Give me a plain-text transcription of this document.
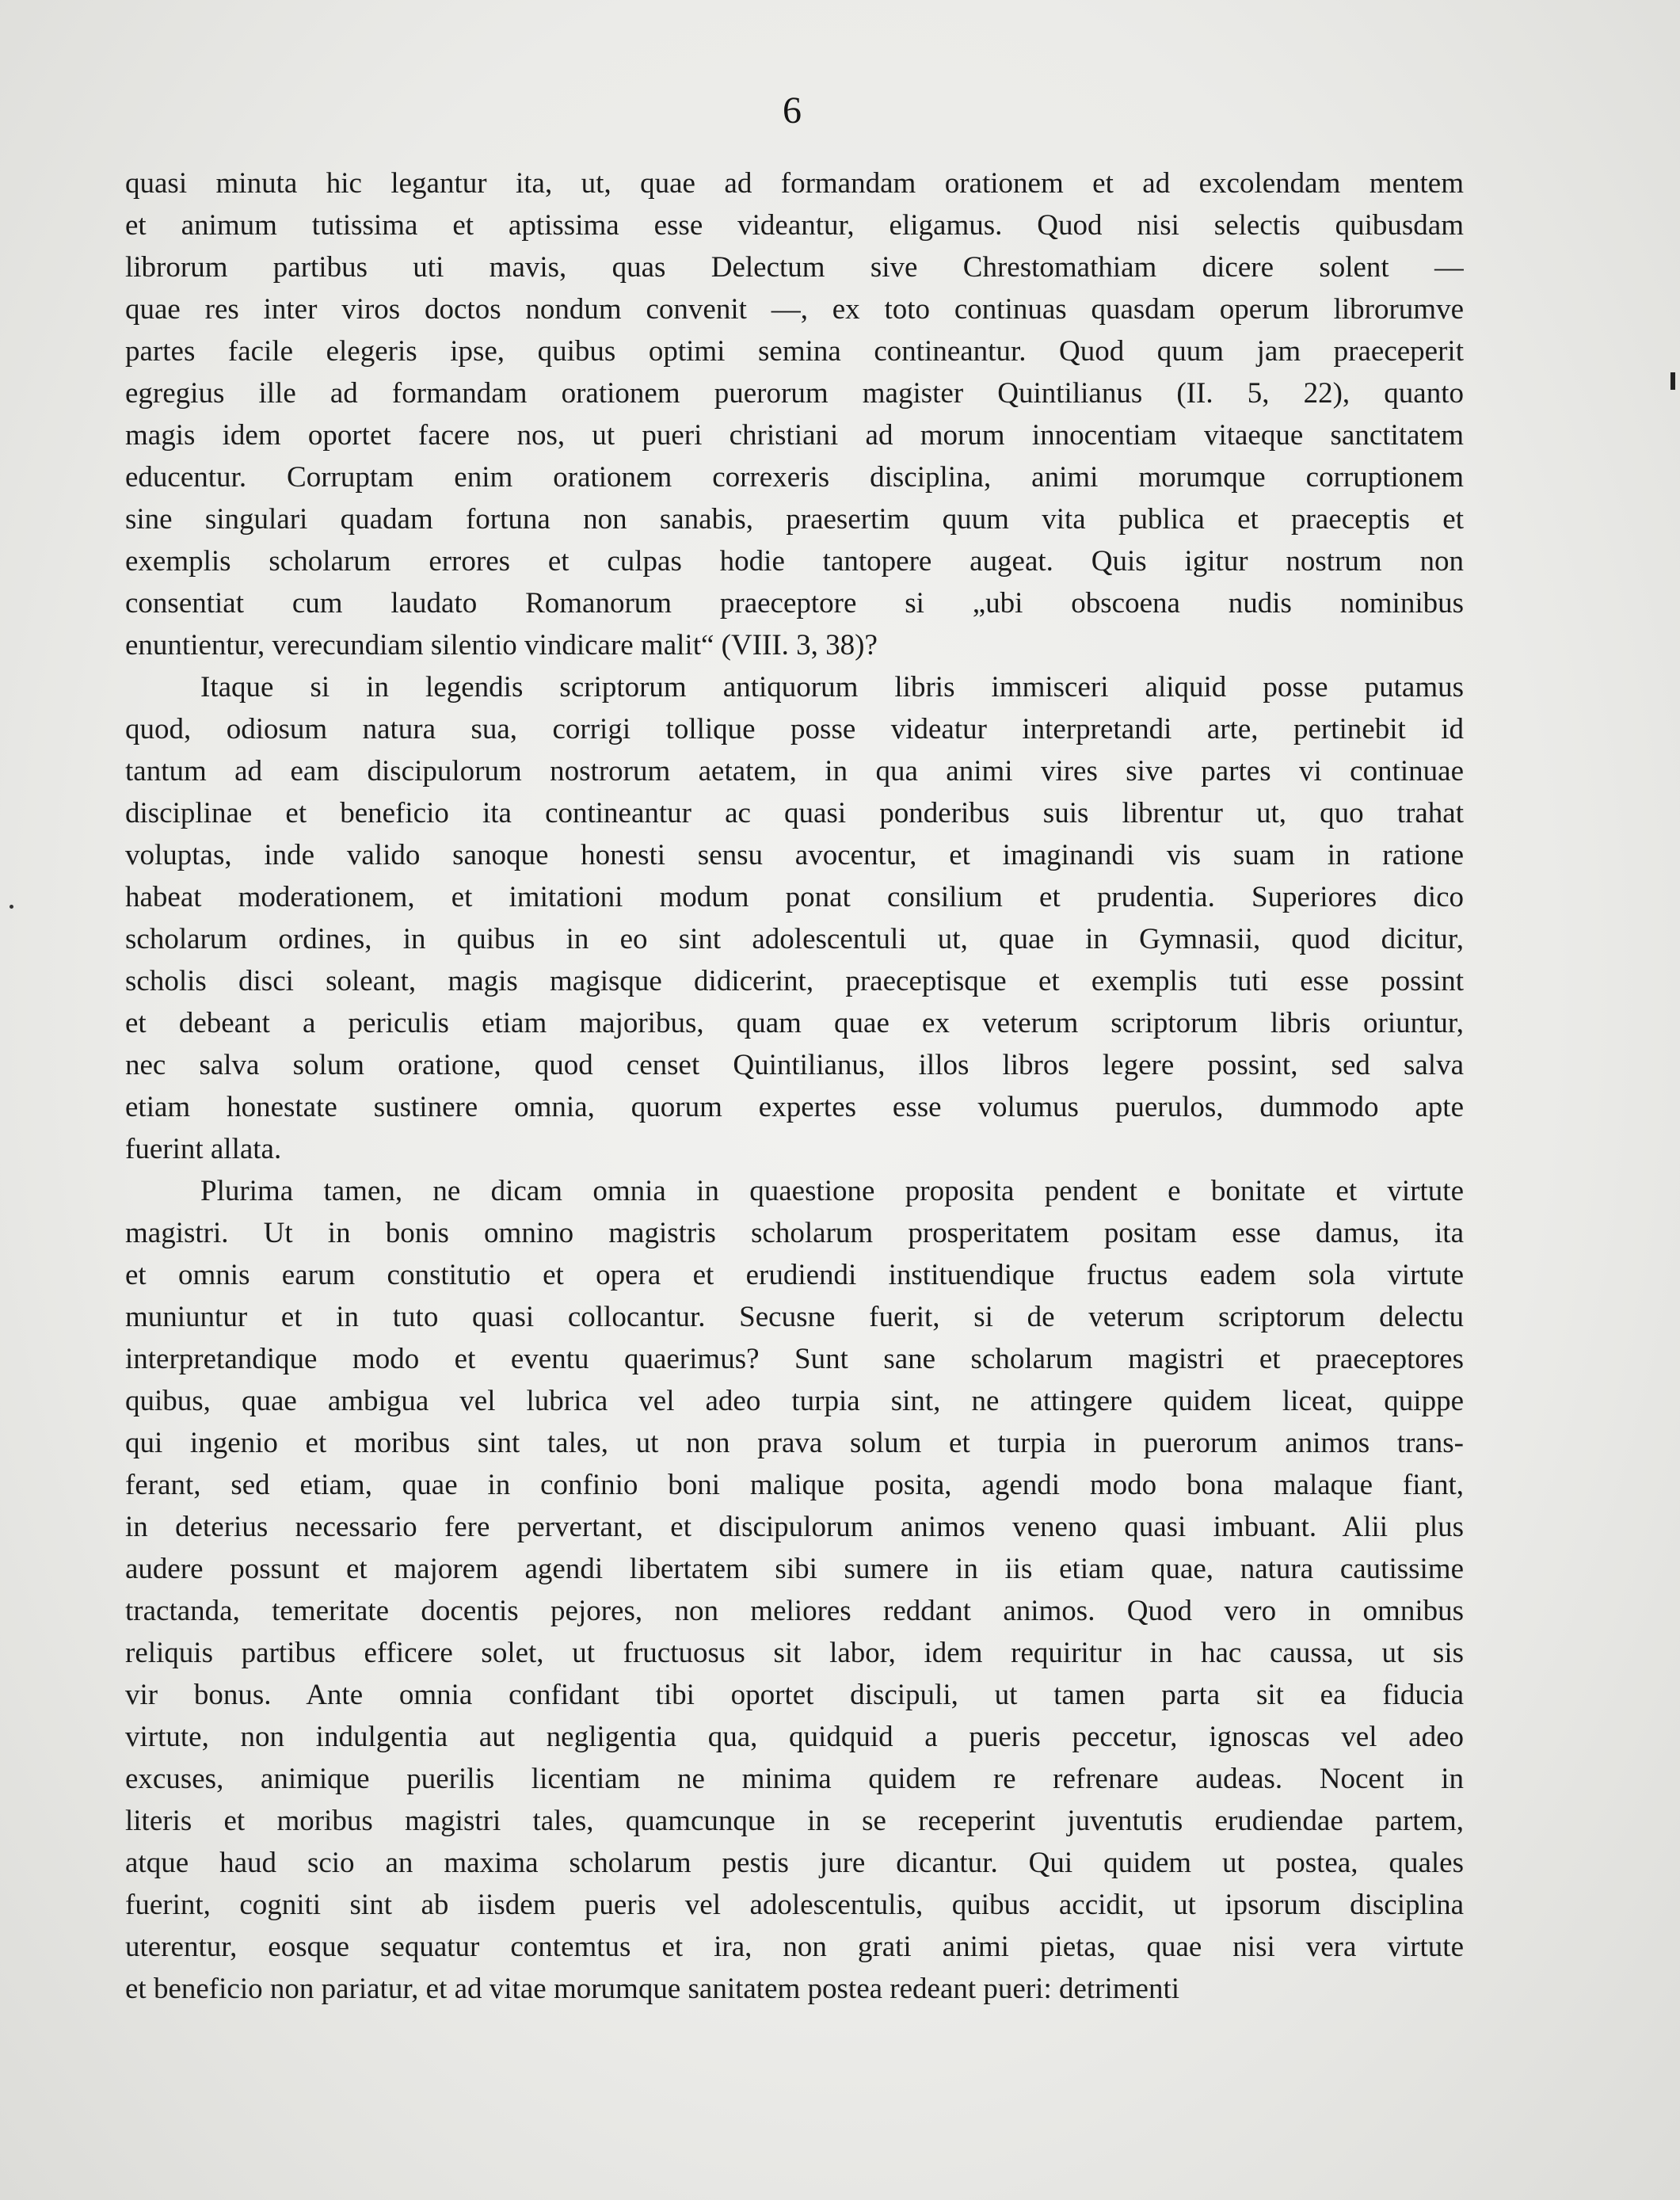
6
quasi minuta hic legantur ita, ut, quae ad formandam orationem et ad excolendam mentem
et animum tutissima et aptissima esse videantur, eligamus. Quod nisi selectis quibusdam
librorum partibus uti mavis, quas Delectum sive Chrestomathiam dicere solent —
quae res inter viros doctos nondum convenit —, ex toto continuas quasdam operum librorumve
partes facile elegeris ipse, quibus optimi semina contineantur. Quod quum jam praeceperit
egregius ille ad formandam orationem puerorum magister Quintilianus (II. 5, 22), quanto
magis idem oportet facere nos, ut pueri christiani ad morum innocentiam vitaeque sanctitatem
educentur. Corruptam enim orationem correxeris disciplina, animi morumque corruptionem
sine singulari quadam fortuna non sanabis, praesertim quum vita publica et praeceptis et
exemplis scholarum errores et culpas hodie tantopere augeat. Quis igitur nostrum non
consentiat cum laudato Romanorum praeceptore si „ubi obscoena nudis nominibus
enuntientur, verecundiam silentio vindicare malit“ (VIII. 3, 38)?
Itaque si in legendis scriptorum antiquorum libris immisceri aliquid posse putamus
quod, odiosum natura sua, corrigi tollique posse videatur interpretandi arte, pertinebit id
tantum ad eam discipulorum nostrorum aetatem, in qua animi vires sive partes vi continuae
disciplinae et beneficio ita contineantur ac quasi ponderibus suis librentur ut, quo trahat
voluptas, inde valido sanoque honesti sensu avocentur, et imaginandi vis suam in ratione
habeat moderationem, et imitationi modum ponat consilium et prudentia. Superiores dico
scholarum ordines, in quibus in eo sint adolescentuli ut, quae in Gymnasii, quod dicitur,
scholis disci soleant, magis magisque didicerint, praeceptisque et exemplis tuti esse possint
et debeant a periculis etiam majoribus, quam quae ex veterum scriptorum libris oriuntur,
nec salva solum oratione, quod censet Quintilianus, illos libros legere possint, sed salva
etiam honestate sustinere omnia, quorum expertes esse volumus puerulos, dummodo apte
fuerint allata.
Plurima tamen, ne dicam omnia in quaestione proposita pendent e bonitate et virtute
magistri. Ut in bonis omnino magistris scholarum prosperitatem positam esse damus, ita
et omnis earum constitutio et opera et erudiendi instituendique fructus eadem sola virtute
muniuntur et in tuto quasi collocantur. Secusne fuerit, si de veterum scriptorum delectu
interpretandique modo et eventu quaerimus? Sunt sane scholarum magistri et praeceptores
quibus, quae ambigua vel lubrica vel adeo turpia sint, ne attingere quidem liceat, quippe
qui ingenio et moribus sint tales, ut non prava solum et turpia in puerorum animos trans-
ferant, sed etiam, quae in confinio boni malique posita, agendi modo bona malaque fiant,
in deterius necessario fere pervertant, et discipulorum animos veneno quasi imbuant. Alii plus
audere possunt et majorem agendi libertatem sibi sumere in iis etiam quae, natura cautissime
tractanda, temeritate docentis pejores, non meliores reddant animos. Quod vero in omnibus
reliquis partibus efficere solet, ut fructuosus sit labor, idem requiritur in hac caussa, ut sis
vir bonus. Ante omnia confidant tibi oportet discipuli, ut tamen parta sit ea fiducia
virtute, non indulgentia aut negligentia qua, quidquid a pueris peccetur, ignoscas vel adeo
excuses, animique puerilis licentiam ne minima quidem re refrenare audeas. Nocent in
literis et moribus magistri tales, quamcunque in se receperint juventutis erudiendae partem,
atque haud scio an maxima scholarum pestis jure dicantur. Qui quidem ut postea, quales
fuerint, cogniti sint ab iisdem pueris vel adolescentulis, quibus accidit, ut ipsorum disciplina
uterentur, eosque sequatur contemtus et ira, non grati animi pietas, quae nisi vera virtute
et beneficio non pariatur, et ad vitae morumque sanitatem postea redeant pueri: detrimenti
